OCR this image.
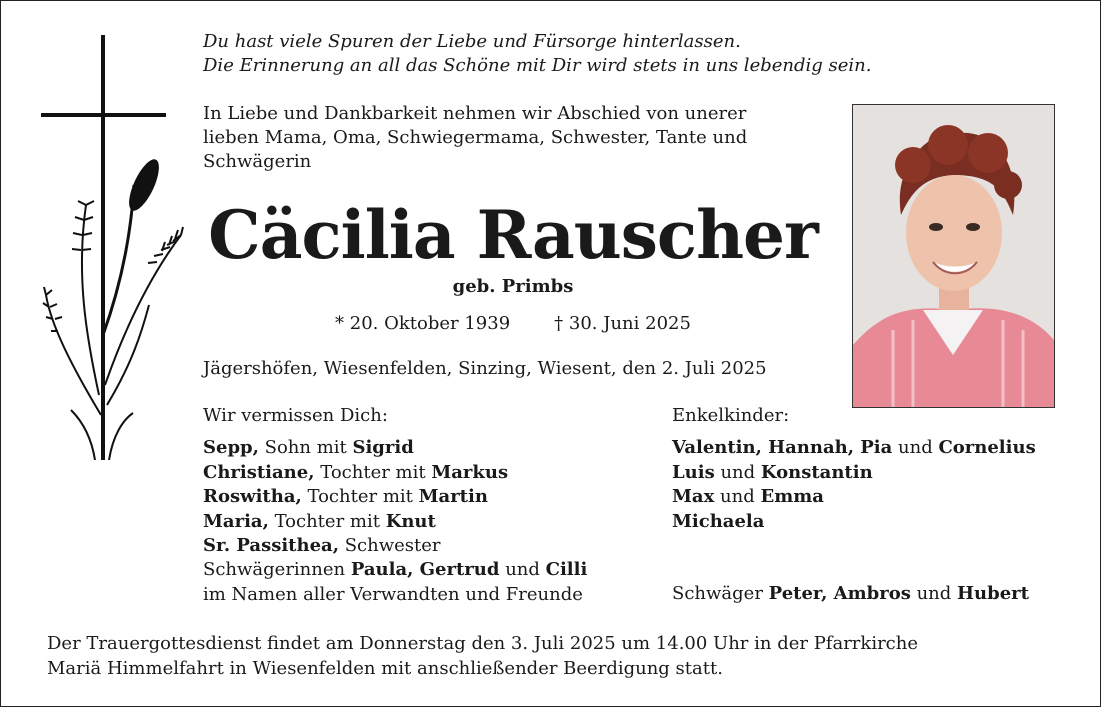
Du hast viele Spuren der Liebe und Fürsorge hinterlassen.
Die Erinnerung an all das Schöne mit Dir wird stets in uns lebendig sein.
In Liebe und Dankbarkeit nehmen wir Abschied von unerer
lieben Mama, Oma, Schwiegermama, Schwester, Tante und
Schwägerin
Cäcilia Rauscher
geb. Primbs
* 20. Oktober 1939 † 30. Juni 2025
Jägershöfen, Wiesenfelden, Sinzing, Wiesent, den 2. Juli 2025
Wir vermissen Dich:
Sepp, Sohn mit Sigrid
Christiane, Tochter mit Markus
Roswitha, Tochter mit Martin
Maria, Tochter mit Knut
Sr. Passithea, Schwester
Schwägerinnen Paula, Gertrud und Cilli
im Namen aller Verwandten und Freunde
Enkelkinder:
Valentin, Hannah, Pia und Cornelius
Luis und Konstantin
Max und Emma
Michaela
Schwäger Peter, Ambros und Hubert
Der Trauergottesdienst findet am Donnerstag den 3. Juli 2025 um 14.00 Uhr in der Pfarrkirche
Mariä Himmelfahrt in Wiesenfelden mit anschließender Beerdigung statt.
